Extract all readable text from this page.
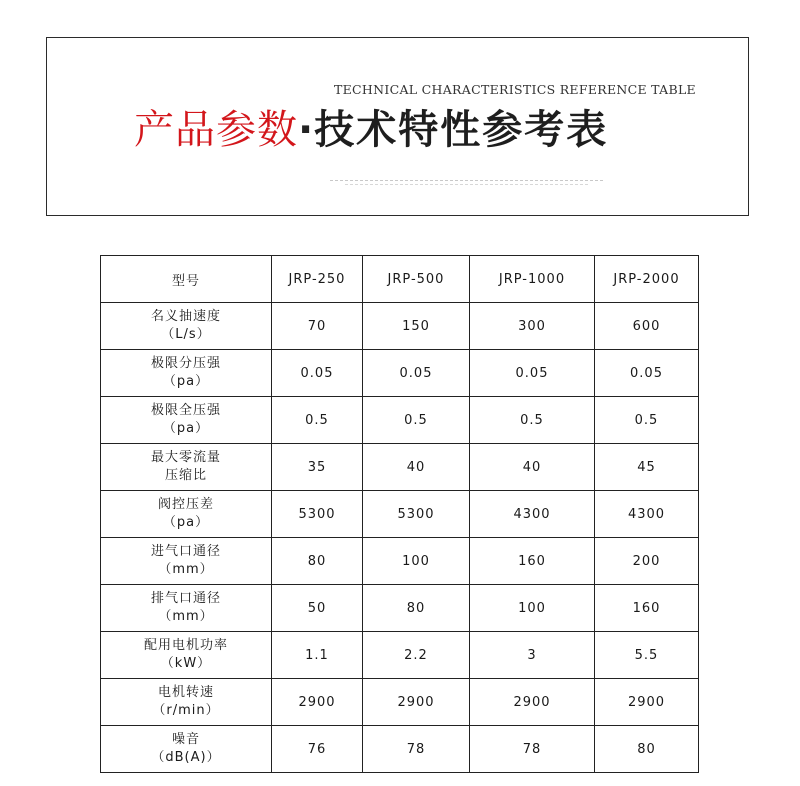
TECHNICAL CHARACTERISTICS REFERENCE TABLE
产品参数·技术特性参考表
型号	JRP-250	JRP-500	JRP-1000	JRP-2000

名义抽速度
（L/s）	70	150	300	600

极限分压强
（pa）	0.05	0.05	0.05	0.05

极限全压强
（pa）	0.5	0.5	0.5	0.5

最大零流量
压缩比	35	40	40	45

阀控压差
（pa）	5300	5300	4300	4300

进气口通径
（mm）	80	100	160	200

排气口通径
（mm）	50	80	100	160

配用电机功率
（kW）	1.1	2.2	3	5.5

电机转速
（r/min）	2900	2900	2900	2900

噪音
（dB(A)）	76	78	78	80
